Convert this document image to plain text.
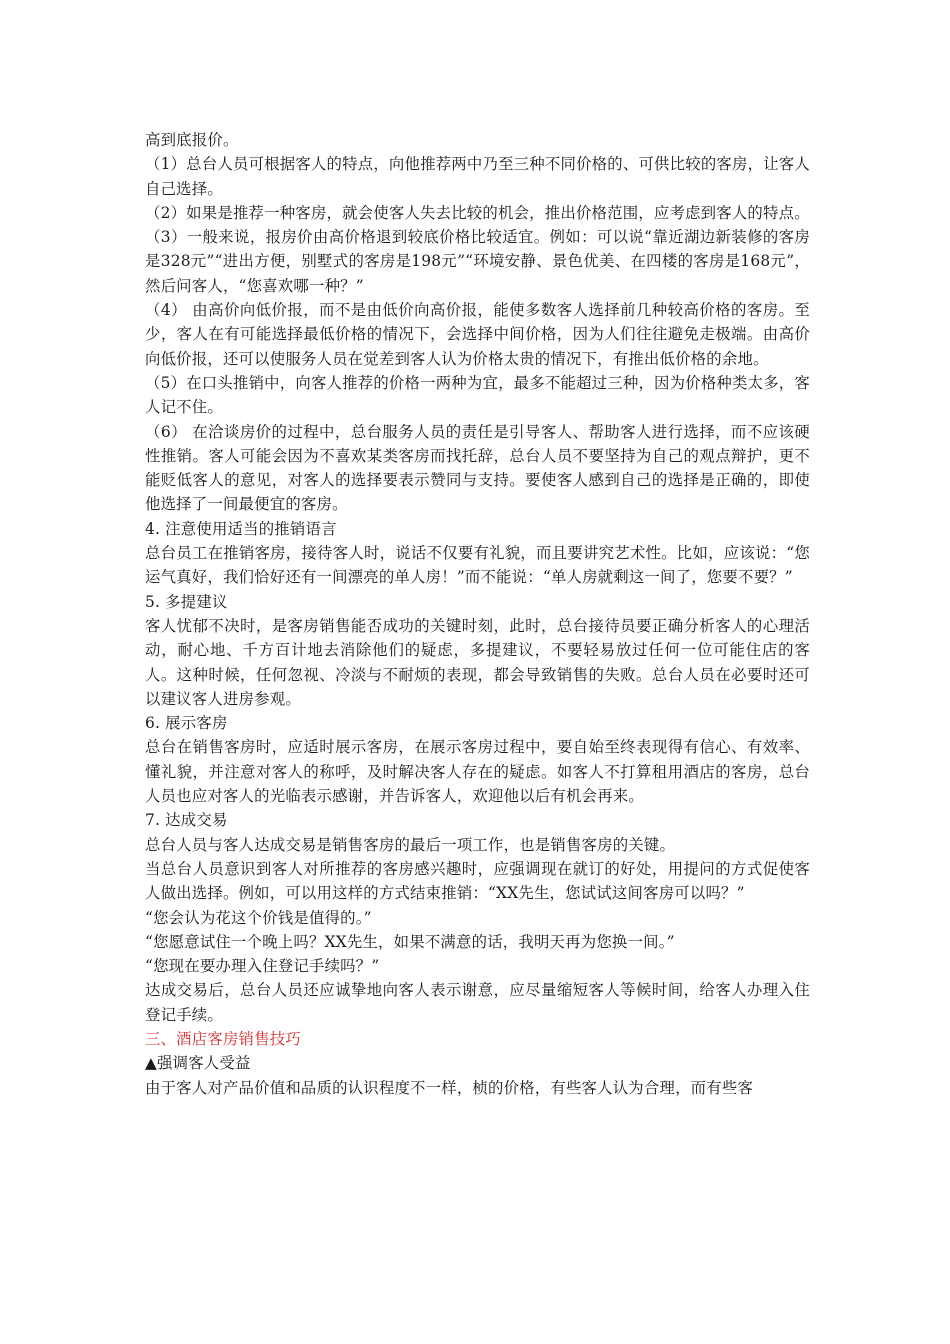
高到底报价。

（1）总台人员可根据客人的特点，向他推荐两中乃至三种不同价格的、可供比较的客房，让客人自己选择。

（2）如果是推荐一种客房，就会使客人失去比较的机会，推出价格范围，应考虑到客人的特点。

（3）一般来说，报房价由高价格退到较底价格比较适宜。例如：可以说“靠近湖边新装修的客房是328元”“进出方便，别墅式的客房是198元”“环境安静、景色优美、在四楼的客房是168元”，然后问客人，“您喜欢哪一种？”

（4） 由高价向低价报，而不是由低价向高价报，能使多数客人选择前几种较高价格的客房。至少，客人在有可能选择最低价格的情况下，会选择中间价格，因为人们往往避免走极端。由高价向低价报，还可以使服务人员在觉差到客人认为价格太贵的情况下，有推出低价格的余地。

（5）在口头推销中，向客人推荐的价格一两种为宜，最多不能超过三种，因为价格种类太多，客人记不住。

（6） 在洽谈房价的过程中，总台服务人员的责任是引导客人、帮助客人进行选择，而不应该硬性推销。客人可能会因为不喜欢某类客房而找托辞，总台人员不要坚持为自己的观点辩护，更不能贬低客人的意见，对客人的选择要表示赞同与支持。要使客人感到自己的选择是正确的，即使他选择了一间最便宜的客房。

4. 注意使用适当的推销语言

总台员工在推销客房，接待客人时，说话不仅要有礼貌，而且要讲究艺术性。比如，应该说：“您运气真好，我们恰好还有一间漂亮的单人房！”而不能说：“单人房就剩这一间了，您要不要？”

5. 多提建议

客人忧郁不决时，是客房销售能否成功的关键时刻，此时，总台接待员要正确分析客人的心理活动，耐心地、千方百计地去消除他们的疑虑，多提建议，不要轻易放过任何一位可能住店的客人。这种时候，任何忽视、冷淡与不耐烦的表现，都会导致销售的失败。总台人员在必要时还可以建议客人进房参观。

6. 展示客房

总台在销售客房时，应适时展示客房，在展示客房过程中，要自始至终表现得有信心、有效率、懂礼貌，并注意对客人的称呼，及时解决客人存在的疑虑。如客人不打算租用酒店的客房，总台人员也应对客人的光临表示感谢，并告诉客人，欢迎他以后有机会再来。

7. 达成交易

总台人员与客人达成交易是销售客房的最后一项工作，也是销售客房的关键。

当总台人员意识到客人对所推荐的客房感兴趣时，应强调现在就订的好处，用提问的方式促使客人做出选择。例如，可以用这样的方式结束推销：“XX先生，您试试这间客房可以吗？”

“您会认为花这个价钱是值得的。”

“您愿意试住一个晚上吗？XX先生，如果不满意的话，我明天再为您换一间。”

“您现在要办理入住登记手续吗？”

达成交易后，总台人员还应诚挚地向客人表示谢意，应尽量缩短客人等候时间，给客人办理入住登记手续。

三、酒店客房销售技巧

▲强调客人受益

由于客人对产品价值和品质的认识程度不一样，桢的价格，有些客人认为合理，而有些客
